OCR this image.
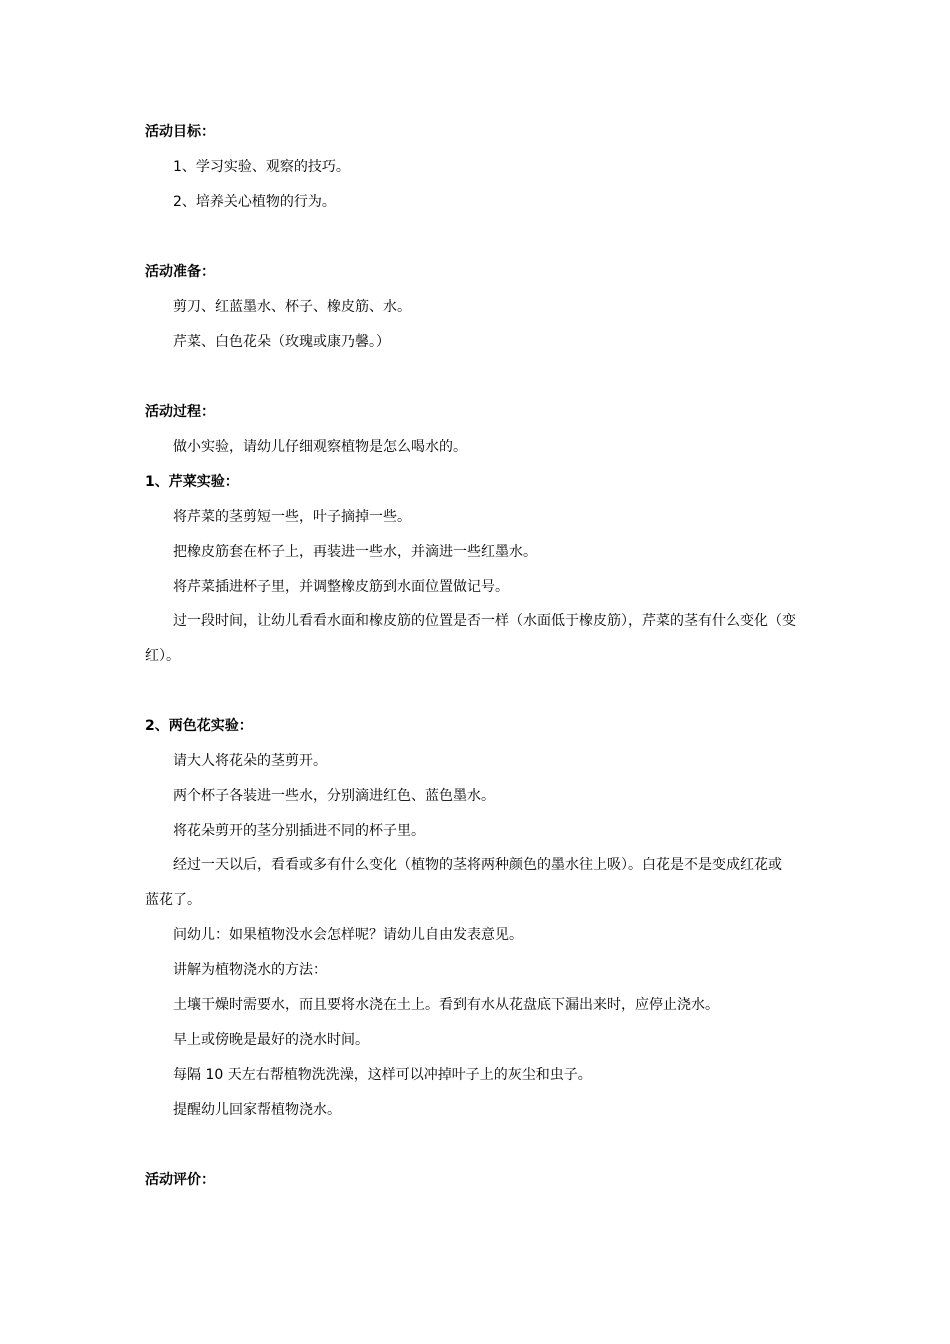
活动目标：
1、学习实验、观察的技巧。
2、培养关心植物的行为。
活动准备：
剪刀、红蓝墨水、杯子、橡皮筋、水。
芹菜、白色花朵（玫瑰或康乃馨。）
活动过程：
做小实验，请幼儿仔细观察植物是怎么喝水的。
1、芹菜实验：
将芹菜的茎剪短一些，叶子摘掉一些。
把橡皮筋套在杯子上，再装进一些水，并滴进一些红墨水。
将芹菜插进杯子里，并调整橡皮筋到水面位置做记号。
过一段时间，让幼儿看看水面和橡皮筋的位置是否一样（水面低于橡皮筋），芹菜的茎有什么变化（变
红）。
2、两色花实验：
请大人将花朵的茎剪开。
两个杯子各装进一些水，分别滴进红色、蓝色墨水。
将花朵剪开的茎分别插进不同的杯子里。
经过一天以后，看看或多有什么变化（植物的茎将两种颜色的墨水往上吸）。白花是不是变成红花或
蓝花了。
问幼儿：如果植物没水会怎样呢？请幼儿自由发表意见。
讲解为植物浇水的方法：
土壤干燥时需要水，而且要将水浇在土上。看到有水从花盘底下漏出来时，应停止浇水。
早上或傍晚是最好的浇水时间。
每隔 10 天左右帮植物洗洗澡，这样可以冲掉叶子上的灰尘和虫子。
提醒幼儿回家帮植物浇水。
活动评价：
